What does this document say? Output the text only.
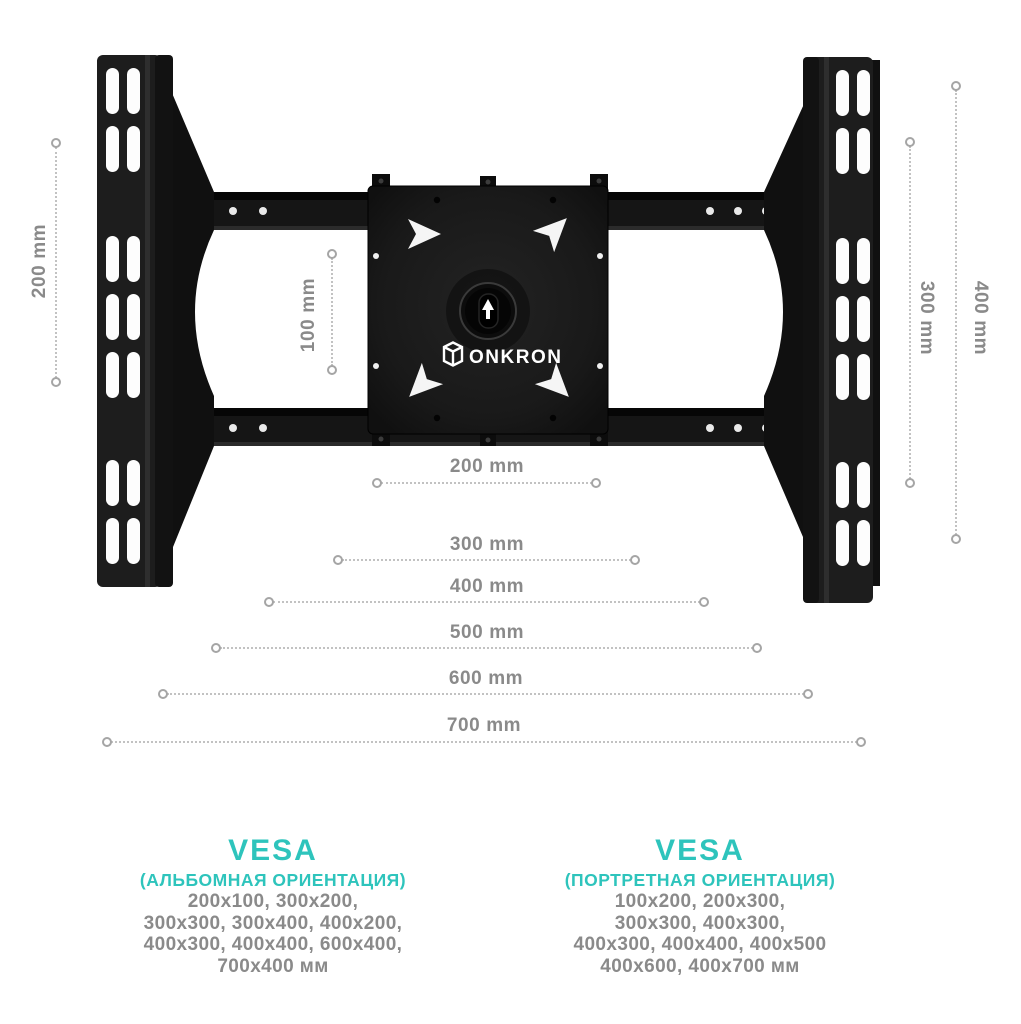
ONKRON
200 mm
100 mm	300 mm 400 mm
200 mm
300 mm
400 mm
500 mm
600 mm
700 mm
VESA
(АЛЬБОМНАЯ ОРИЕНТАЦИЯ)
200x100, 300x200,
300x300, 300x400, 400x200,
400x300, 400x400, 600x400,
700x400 мм
VESA
(ПОРТРЕТНАЯ ОРИЕНТАЦИЯ)
100x200, 200x300,
300x300, 400x300,
400x300, 400x400, 400x500
400x600, 400x700 мм
